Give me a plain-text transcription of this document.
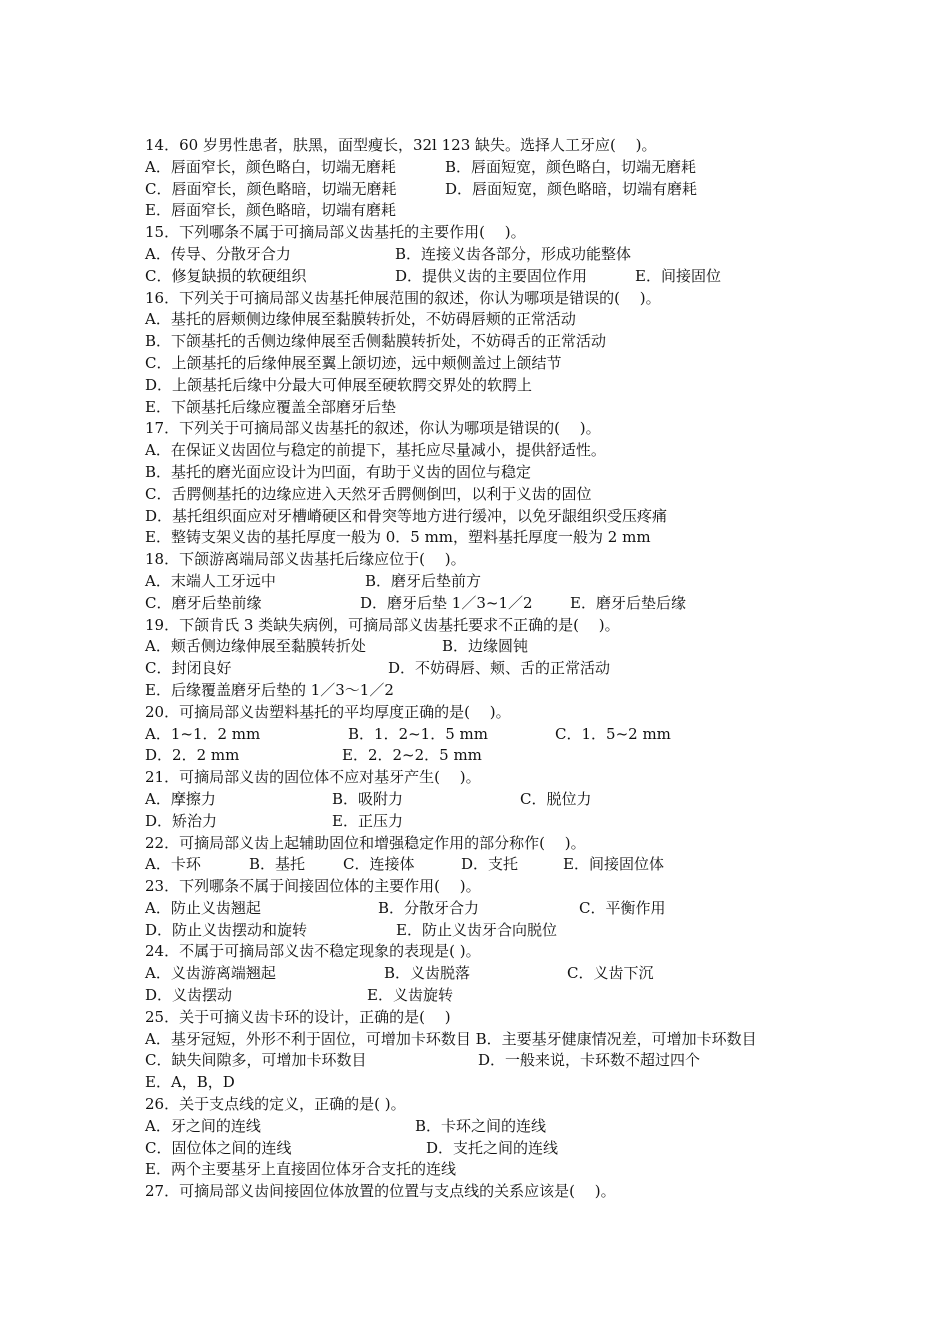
14．60 岁男性患者，肤黑，面型瘦长，32l 123 缺失。选择人工牙应(　 )。
A．唇面窄长，颜色略白，切端无磨耗	B．唇面短宽，颜色略白，切端无磨耗
C．唇面窄长，颜色略暗，切端无磨耗	D．唇面短宽，颜色略暗，切端有磨耗
E．唇面窄长，颜色略暗，切端有磨耗
15．下列哪条不属于可摘局部义齿基托的主要作用(　 )。
A．传导、分散牙合力	B．连接义齿各部分，形成功能整体
C．修复缺损的软硬组织	D．提供义齿的主要固位作用	E．间接固位
16．下列关于可摘局部义齿基托伸展范围的叙述，你认为哪项是错误的(　 )。
A．基托的唇颊侧边缘伸展至黏膜转折处，不妨碍唇颊的正常活动
B．下颌基托的舌侧边缘伸展至舌侧黏膜转折处，不妨碍舌的正常活动
C．上颌基托的后缘伸展至翼上颌切迹，远中颊侧盖过上颌结节
D．上颌基托后缘中分最大可伸展至硬软腭交界处的软腭上
E．下颌基托后缘应覆盖全部磨牙后垫
17．下列关于可摘局部义齿基托的叙述，你认为哪项是错误的(　 )。
A．在保证义齿固位与稳定的前提下，基托应尽量减小，提供舒适性。
B．基托的磨光面应设计为凹面，有助于义齿的固位与稳定
C．舌腭侧基托的边缘应进入天然牙舌腭侧倒凹，以利于义齿的固位
D．基托组织面应对牙槽嵴硬区和骨突等地方进行缓冲，以免牙龈组织受压疼痛
E．整铸支架义齿的基托厚度一般为 0．5 mm，塑料基托厚度一般为 2 mm
18．下颌游离端局部义齿基托后缘应位于(　 )。
A．末端人工牙远中	B．磨牙后垫前方
C．磨牙后垫前缘	D．磨牙后垫 1／3~1／2 E．磨牙后垫后缘
19．下颌肯氏 3 类缺失病例，可摘局部义齿基托要求不正确的是(　 )。
A．颊舌侧边缘伸展至黏膜转折处	B．边缘圆钝
C．封闭良好	D．不妨碍唇、颊、舌的正常活动
E．后缘覆盖磨牙后垫的 1／3～1／2
20．可摘局部义齿塑料基托的平均厚度正确的是(　 )。
A．1~1．2 mm	B．1．2~1．5 mm	C．1．5~2 mm
D．2．2 mm	E．2．2~2．5 mm
21．可摘局部义齿的固位体不应对基牙产生(　 )。
A．摩擦力	B．吸附力	C．脱位力
D．矫治力	E．正压力
22．可摘局部义齿上起辅助固位和增强稳定作用的部分称作(　 )。
A．卡环	B．基托	C．连接体	D．支托	E．间接固位体
23．下列哪条不属于间接固位体的主要作用(　 )。
A．防止义齿翘起	B．分散牙合力	C．平衡作用
D．防止义齿摆动和旋转	E．防止义齿牙合向脱位
24．不属于可摘局部义齿不稳定现象的表现是( )。
A．义齿游离端翘起	B．义齿脱落	C．义齿下沉
D．义齿摆动	E．义齿旋转
25．关于可摘义齿卡环的设计，正确的是(　 )
A．基牙冠短，外形不利于固位，可增加卡环数目 B．主要基牙健康情况差，可增加卡环数目
C．缺失间隙多，可增加卡环数目	D．一般来说，卡环数不超过四个
E．A，B，D
26．关于支点线的定义，正确的是( )。
A．牙之间的连线	B．卡环之间的连线
C．固位体之间的连线	D．支托之间的连线
E．两个主要基牙上直接固位体牙合支托的连线
27．可摘局部义齿间接固位体放置的位置与支点线的关系应该是(　 )。
